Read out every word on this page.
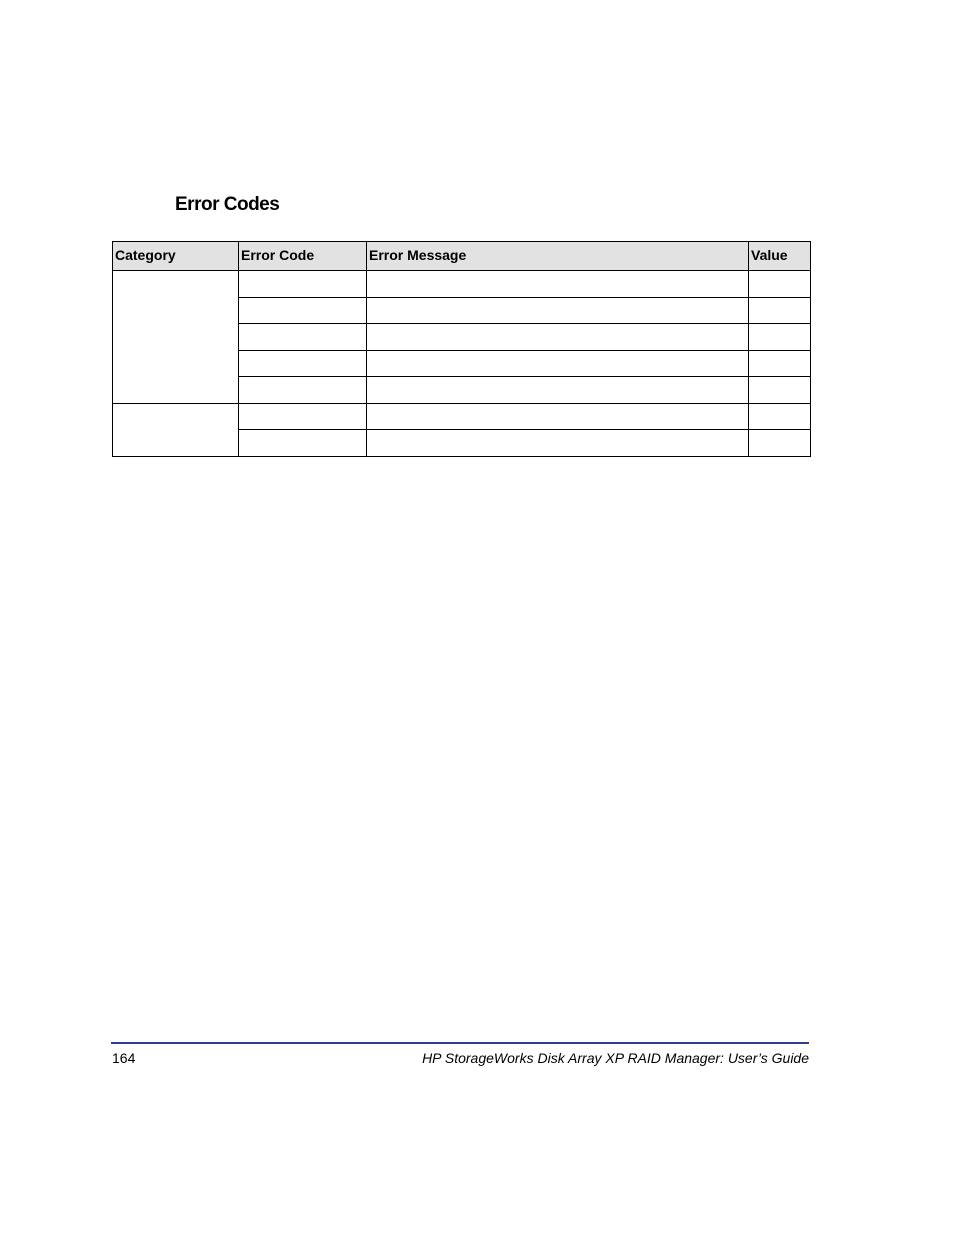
Error Codes
Category	Error Code	Error Message	Value

164	HP StorageWorks Disk Array XP RAID Manager: User’s Guide
